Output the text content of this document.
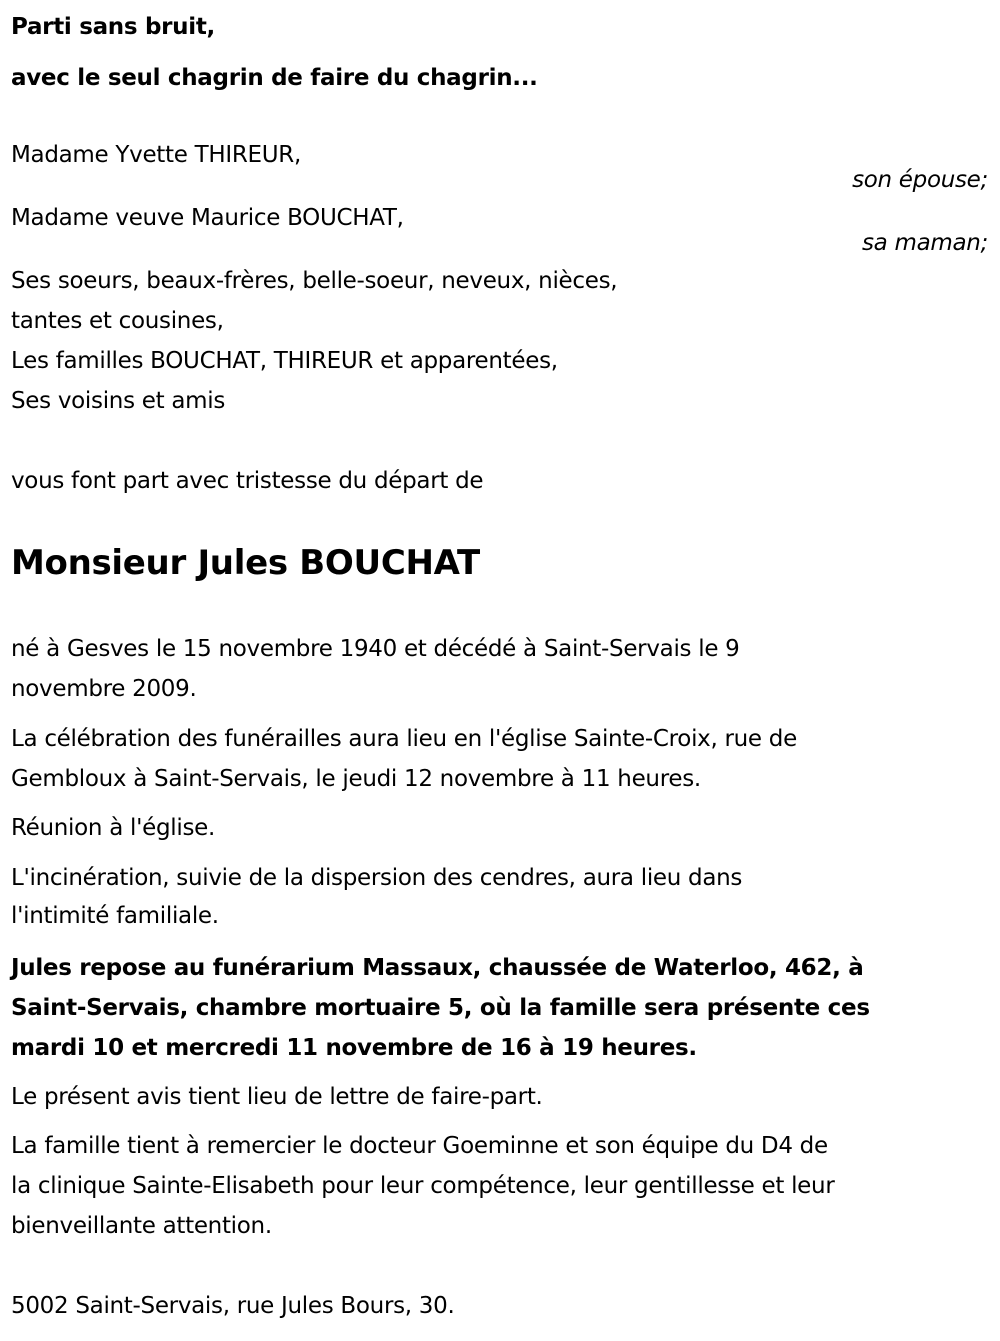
Parti sans bruit,
avec le seul chagrin de faire du chagrin...
Madame Yvette THIREUR,
son épouse;
Madame veuve Maurice BOUCHAT,
sa maman;
Ses soeurs, beaux-frères, belle-soeur, neveux, nièces,
tantes et cousines,
Les familles BOUCHAT, THIREUR et apparentées,
Ses voisins et amis
vous font part avec tristesse du départ de
Monsieur Jules BOUCHAT
né à Gesves le 15 novembre 1940 et décédé à Saint-Servais le 9
novembre 2009.
La célébration des funérailles aura lieu en l'église Sainte-Croix, rue de
Gembloux à Saint-Servais, le jeudi 12 novembre à 11 heures.
Réunion à l'église.
L'incinération, suivie de la dispersion des cendres, aura lieu dans
l'intimité familiale.
Jules repose au funérarium Massaux, chaussée de Waterloo, 462, à
Saint-Servais, chambre mortuaire 5, où la famille sera présente ces
mardi 10 et mercredi 11 novembre de 16 à 19 heures.
Le présent avis tient lieu de lettre de faire-part.
La famille tient à remercier le docteur Goeminne et son équipe du D4 de
la clinique Sainte-Elisabeth pour leur compétence, leur gentillesse et leur
bienveillante attention.
5002 Saint-Servais, rue Jules Bours, 30.
